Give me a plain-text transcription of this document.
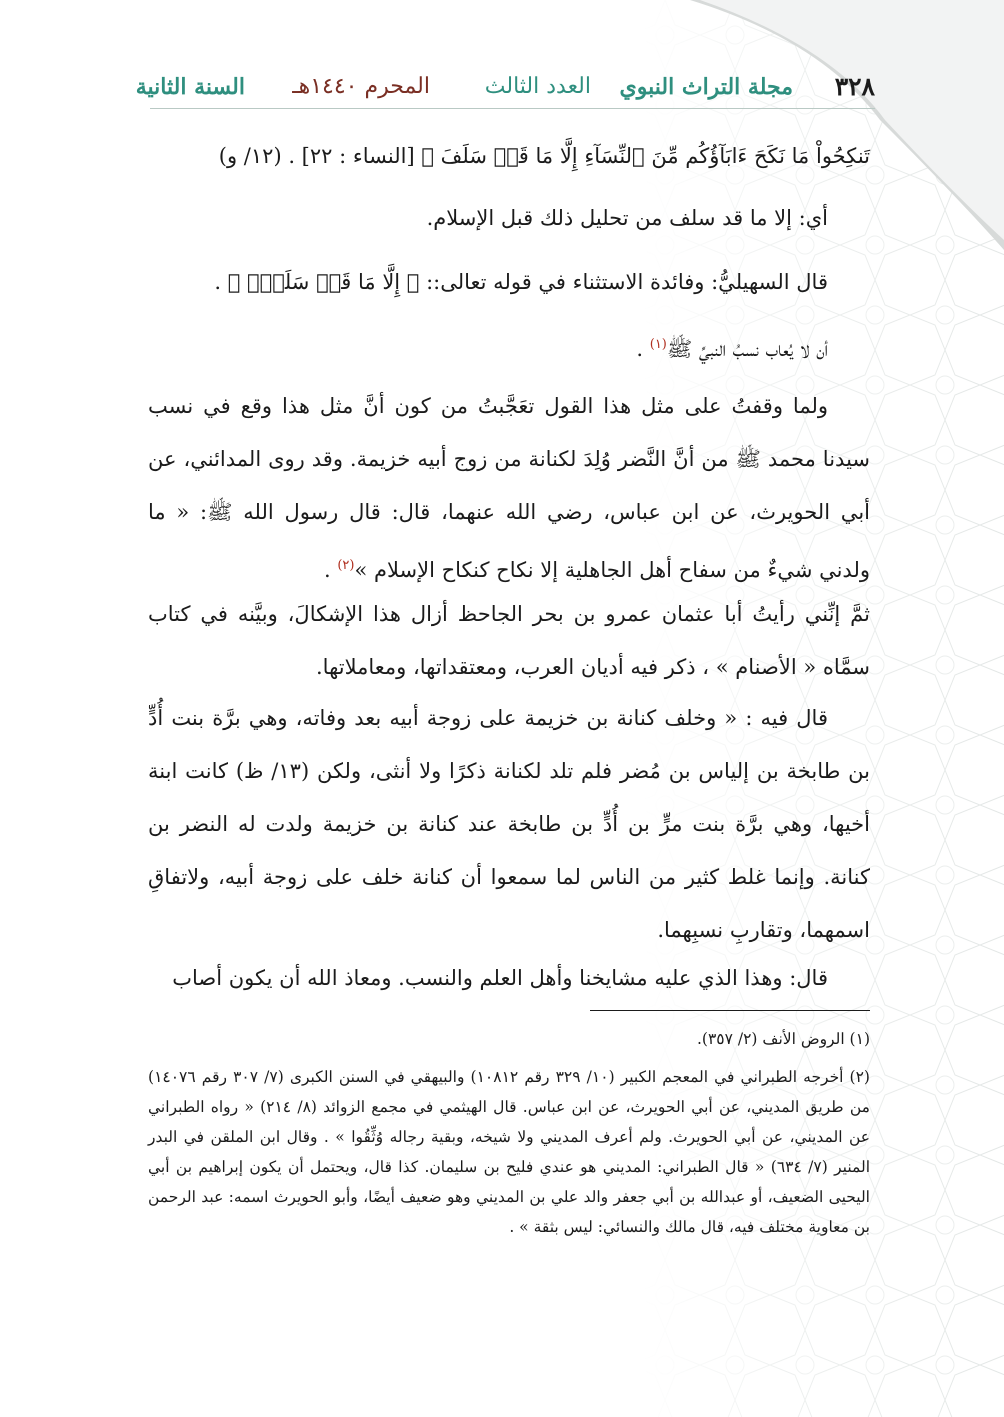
٣٢٨
مجلة التراث النبوي
العدد الثالث
المحرم ١٤٤٠هـ
السنة الثانية

تَنكِحُواْ مَا نَكَحَ ءَابَآؤُكُم مِّنَ ٱلنِّسَآءِ إِلَّا مَا قَدۡ سَلَفَ ﴾ [النساء : ٢٢] . (١٢/ و)

أي: إلا ما قد سلف من تحليل ذلك قبل الإسلام.

قال السهيليُّ: وفائدة الاستثناء في قوله تعالى:: ﴿ إِلَّا مَا قَدۡ سَلَفَۚ ﴾ .

أن لا يُعاب نسبُ النبيِّ ﷺ$^{(١)}$ .

ولما وقفتُ على مثل هذا القول تعَجَّبتُ من كون أنَّ مثل هذا وقع في نسب سيدنا محمد ﷺ من أنَّ النَّضر وُلِدَ لكنانة من زوج أبيه خزيمة. وقد روى المدائني، عن أبي الحويرث، عن ابن عباس، رضي الله عنهما، قال: قال رسول الله ﷺ: « ما ولدني شيءٌ من سفاح أهل الجاهلية إلا نكاح كنكاح الإسلام »$^{(٢)}$ .

ثمَّ إنِّني رأيتُ أبا عثمان عمرو بن بحر الجاحظ أزال هذا الإشكالَ، وبيَّنه في كتاب سمَّاه « الأصنام » ، ذكر فيه أديان العرب، ومعتقداتها، ومعاملاتها.

قال فيه : « وخلف كنانة بن خزيمة على زوجة أبيه بعد وفاته، وهي برَّة بنت أُدٍّ بن طابخة بن إلياس بن مُضر فلم تلد لكنانة ذكرًا ولا أنثى، ولكن (١٣/ ظ) كانت ابنة أخيها، وهي برَّة بنت مرٍّ بن أُدٍّ بن طابخة عند كنانة بن خزيمة ولدت له النضر بن كنانة. وإنما غلط كثير من الناس لما سمعوا أن كنانة خلف على زوجة أبيه، ولاتفاقِ اسمهما، وتقاربِ نسبِهما.

قال: وهذا الذي عليه مشايخنا وأهل العلم والنسب. ومعاذ الله أن يكون أصاب

(١) الروض الأنف (٢/ ٣٥٧).

(٢) أخرجه الطبراني في المعجم الكبير (١٠/ ٣٢٩ رقم ١٠٨١٢) والبيهقي في السنن الكبرى (٧/ ٣٠٧ رقم ١٤٠٧٦) من طريق المديني، عن أبي الحويرث، عن ابن عباس. قال الهيثمي في مجمع الزوائد (٨/ ٢١٤) « رواه الطبراني عن المديني، عن أبي الحويرث. ولم أعرف المديني ولا شيخه، وبقية رجاله وُثِّقُوا » . وقال ابن الملقن في البدر المنير (٧/ ٦٣٤) « قال الطبراني: المديني هو عندي فليح بن سليمان. كذا قال، ويحتمل أن يكون إبراهيم بن أبي اليحيى الضعيف، أو عبدالله بن أبي جعفر والد علي بن المديني وهو ضعيف أيضًا، وأبو الحويرث اسمه: عبد الرحمن بن معاوية مختلف فيه، قال مالك والنسائي: ليس بثقة » .
